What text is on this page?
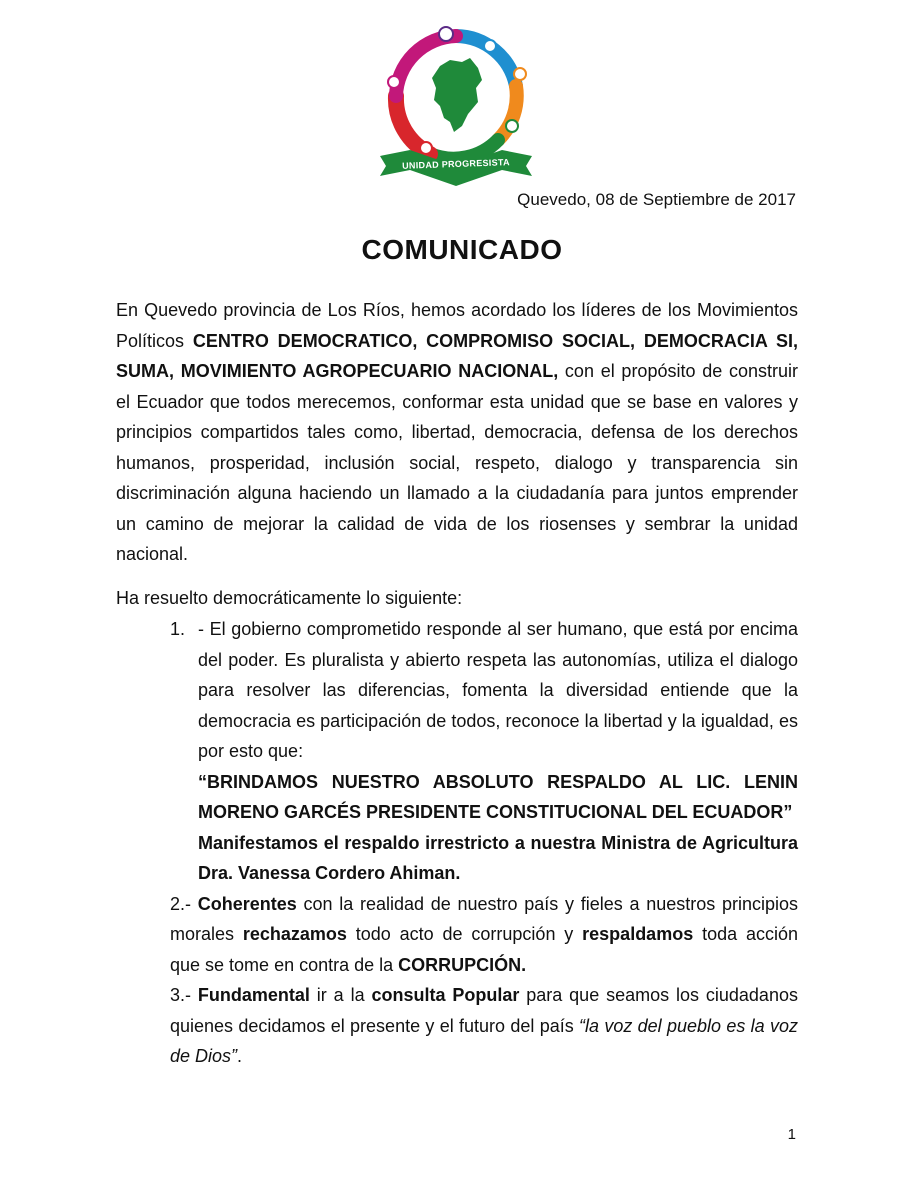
UNIDAD PROGRESISTA
Quevedo, 08 de Septiembre de 2017
COMUNICADO
En Quevedo provincia de Los Ríos, hemos acordado los líderes de los Movimientos Políticos CENTRO DEMOCRATICO, COMPROMISO SOCIAL, DEMOCRACIA SI, SUMA, MOVIMIENTO AGROPECUARIO NACIONAL, con el propósito de construir el Ecuador que todos merecemos, conformar esta unidad que se base en valores y principios compartidos tales como, libertad, democracia, defensa de los derechos humanos, prosperidad, inclusión social, respeto, dialogo y transparencia sin discriminación alguna haciendo un llamado a la ciudadanía para juntos emprender un camino de mejorar la calidad de vida de los riosenses y sembrar la unidad nacional.
Ha resuelto democráticamente lo siguiente:
1. - El gobierno comprometido responde al ser humano, que está por encima del poder. Es pluralista y abierto respeta las autonomías, utiliza el dialogo para resolver las diferencias, fomenta la diversidad entiende que la democracia es participación de todos, reconoce la libertad y la igualdad, es por esto que:
“BRINDAMOS NUESTRO ABSOLUTO RESPALDO AL LIC. LENIN MORENO GARCÉS PRESIDENTE CONSTITUCIONAL DEL ECUADOR”
Manifestamos el respaldo irrestricto a nuestra Ministra de Agricultura Dra. Vanessa Cordero Ahiman.
2.- Coherentes con la realidad de nuestro país y fieles a nuestros principios morales rechazamos todo acto de corrupción y respaldamos toda acción que se tome en contra de la CORRUPCIÓN.
3.- Fundamental ir a la consulta Popular para que seamos los ciudadanos quienes decidamos el presente y el futuro del país “la voz del pueblo es la voz de Dios”.
1
